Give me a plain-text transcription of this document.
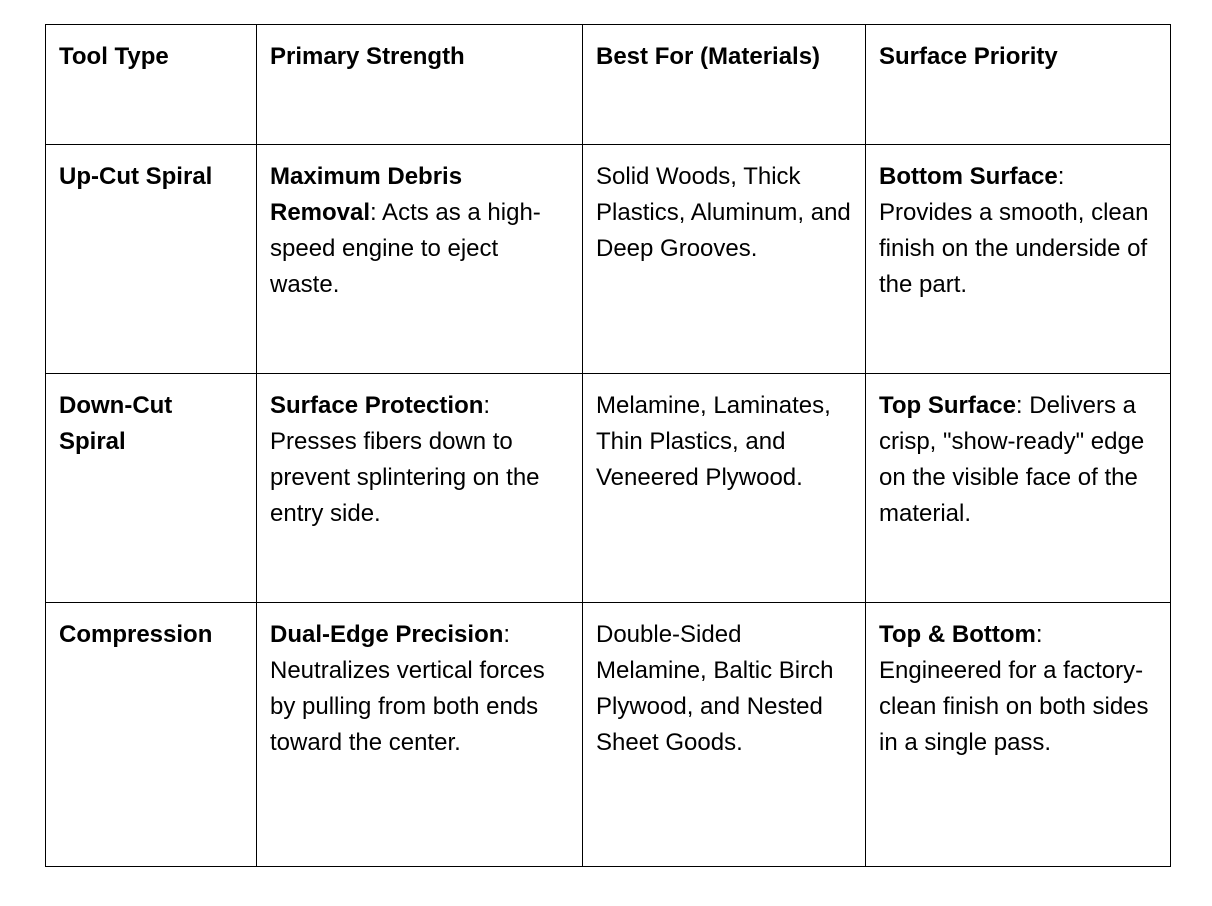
Tool Type	Primary Strength	Best For (Materials)	Surface Priority
Up-Cut Spiral	Maximum Debris Removal: Acts as a high-speed engine to eject waste.	Solid Woods, Thick Plastics, Aluminum, and Deep Grooves.	Bottom Surface: Provides a smooth, clean finish on the underside of the part.
Down-Cut Spiral	Surface Protection: Presses fibers down to prevent splintering on the entry side.	Melamine, Laminates, Thin Plastics, and Veneered Plywood.	Top Surface: Delivers a crisp, "show-ready" edge on the visible face of the material.
Compression	Dual-Edge Precision: Neutralizes vertical forces by pulling from both ends toward the center.	Double-Sided Melamine, Baltic Birch Plywood, and Nested Sheet Goods.	Top & Bottom: Engineered for a factory-clean finish on both sides in a single pass.
